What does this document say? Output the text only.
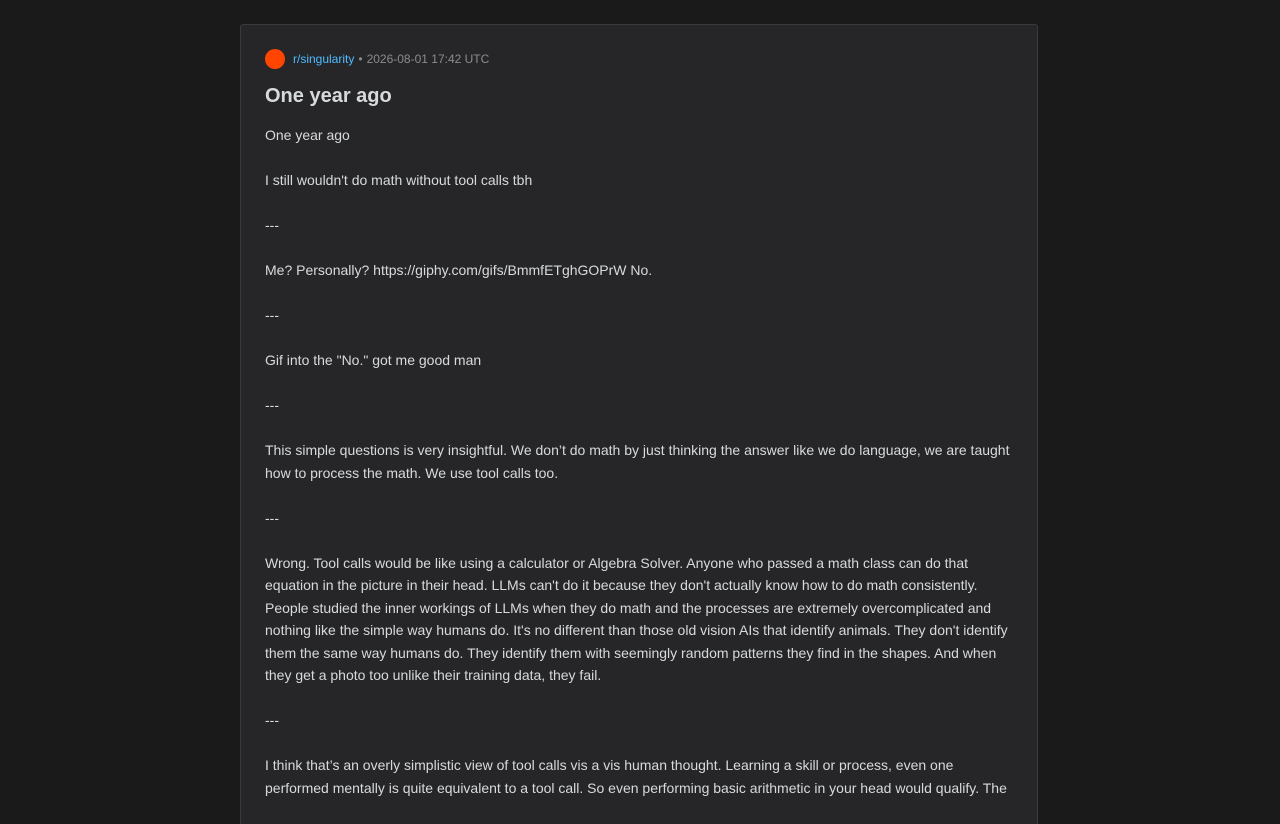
r/singularity • 2026-08-01 17:42 UTC
One year ago

One year ago

I still wouldn't do math without tool calls tbh

---

Me? Personally? https://giphy.com/gifs/BmmfETghGOPrW No.

---

Gif into the "No." got me good man

---

This simple questions is very insightful. We don’t do math by just thinking the answer like we do language, we are taught how to process the math. We use tool calls too.

---

Wrong. Tool calls would be like using a calculator or Algebra Solver. Anyone who passed a math class can do that equation in the picture in their head. LLMs can't do it because they don't actually know how to do math consistently. People studied the inner workings of LLMs when they do math and the processes are extremely overcomplicated and nothing like the simple way humans do. It's no different than those old vision AIs that identify animals. They don't identify them the same way humans do. They identify them with seemingly random patterns they find in the shapes. And when they get a photo too unlike their training data, they fail.

---

I think that’s an overly simplistic view of tool calls vis a vis human thought. Learning a skill or process, even one performed mentally is quite equivalent to a tool call. So even performing basic arithmetic in your head would qualify. The
